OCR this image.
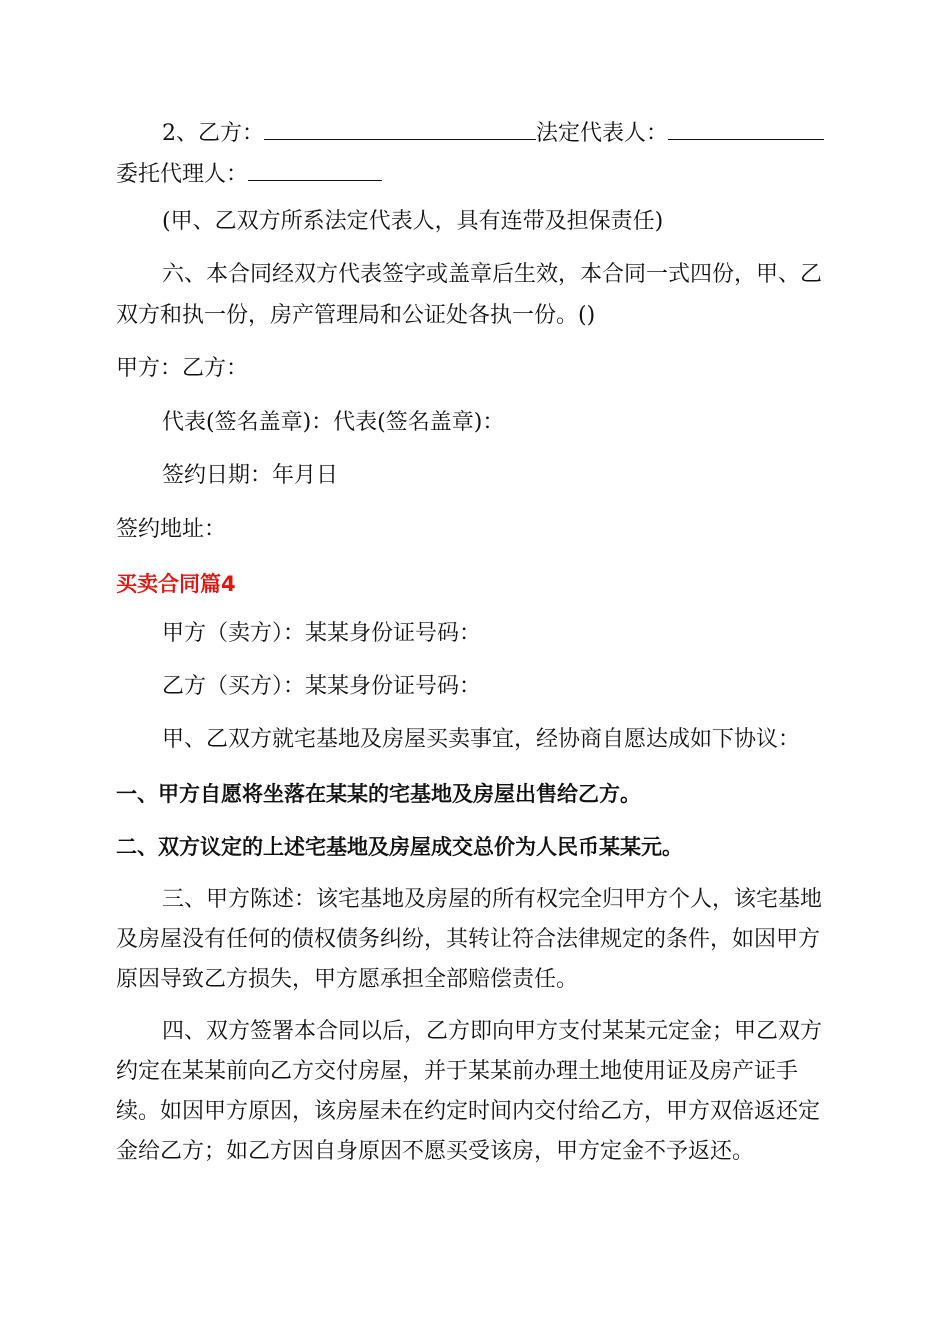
2、乙方：	法定代表人：
委托代理人：
(甲、乙双方所系法定代表人，具有连带及担保责任)
六、本合同经双方代表签字或盖章后生效，本合同一式四份，甲、乙
双方和执一份，房产管理局和公证处各执一份。()
甲方：乙方：
代表(签名盖章)：代表(签名盖章)：
签约日期：年月日
签约地址：
买卖合同篇4
甲方（卖方）：某某身份证号码：
乙方（买方）：某某身份证号码：
甲、乙双方就宅基地及房屋买卖事宜，经协商自愿达成如下协议：
一、甲方自愿将坐落在某某的宅基地及房屋出售给乙方。
二、双方议定的上述宅基地及房屋成交总价为人民币某某元。
三、甲方陈述：该宅基地及房屋的所有权完全归甲方个人，该宅基地
及房屋没有任何的债权债务纠纷，其转让符合法律规定的条件，如因甲方
原因导致乙方损失，甲方愿承担全部赔偿责任。
四、双方签署本合同以后，乙方即向甲方支付某某元定金；甲乙双方
约定在某某前向乙方交付房屋，并于某某前办理土地使用证及房产证手
续。如因甲方原因，该房屋未在约定时间内交付给乙方，甲方双倍返还定
金给乙方；如乙方因自身原因不愿买受该房，甲方定金不予返还。
